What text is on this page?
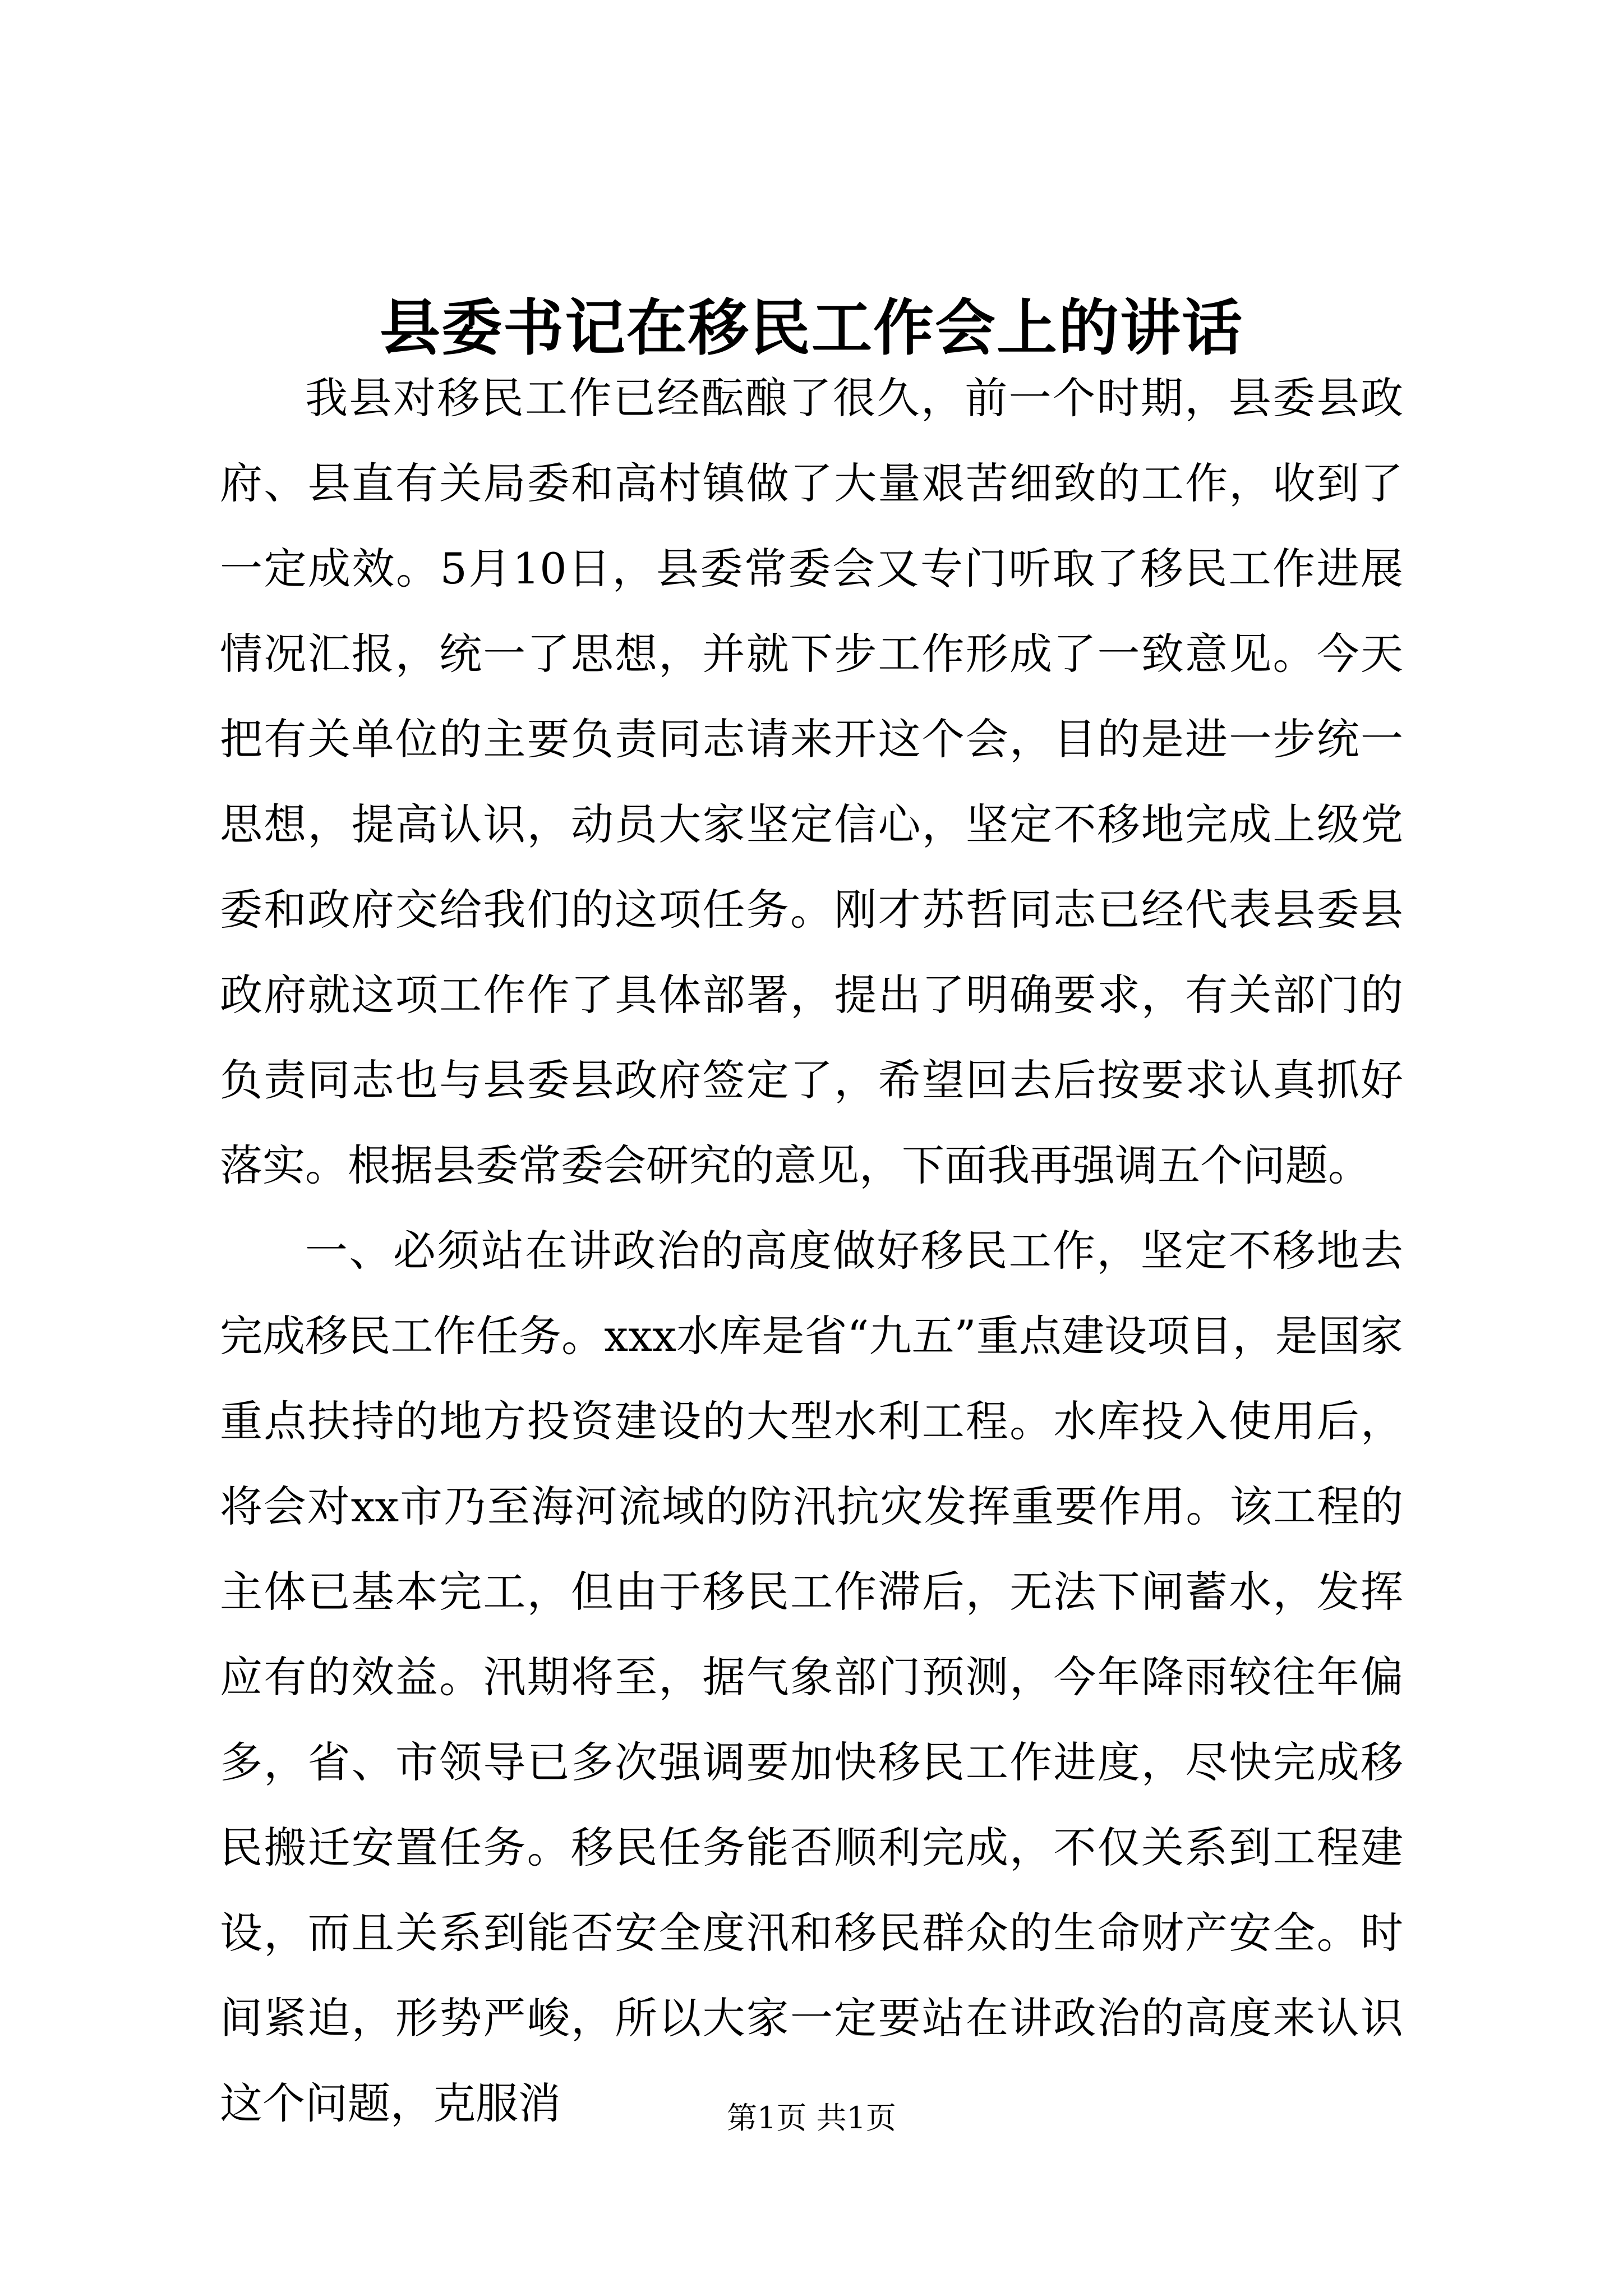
县委书记在移民工作会上的讲话

我县对移民工作已经酝酿了很久，前一个时期，县委县政府、县直有关局委和高村镇做了大量艰苦细致的工作，收到了一定成效。5月10日，县委常委会又专门听取了移民工作进展情况汇报，统一了思想，并就下步工作形成了一致意见。今天把有关单位的主要负责同志请来开这个会，目的是进一步统一思想，提高认识，动员大家坚定信心，坚定不移地完成上级党委和政府交给我们的这项任务。刚才苏哲同志已经代表县委县政府就这项工作作了具体部署，提出了明确要求，有关部门的负责同志也与县委县政府签定了，希望回去后按要求认真抓好落实。根据县委常委会研究的意见，下面我再强调五个问题。

一、必须站在讲政治的高度做好移民工作，坚定不移地去完成移民工作任务。xxx水库是省“九五”重点建设项目，是国家重点扶持的地方投资建设的大型水利工程。水库投入使用后，将会对xx市乃至海河流域的防汛抗灾发挥重要作用。该工程的主体已基本完工，但由于移民工作滞后，无法下闸蓄水，发挥应有的效益。汛期将至，据气象部门预测，今年降雨较往年偏多，省、市领导已多次强调要加快移民工作进度，尽快完成移民搬迁安置任务。移民任务能否顺利完成，不仅关系到工程建设，而且关系到能否安全度汛和移民群众的生命财产安全。时间紧迫，形势严峻，所以大家一定要站在讲政治的高度来认识这个问题，克服消	第1页 共1页
